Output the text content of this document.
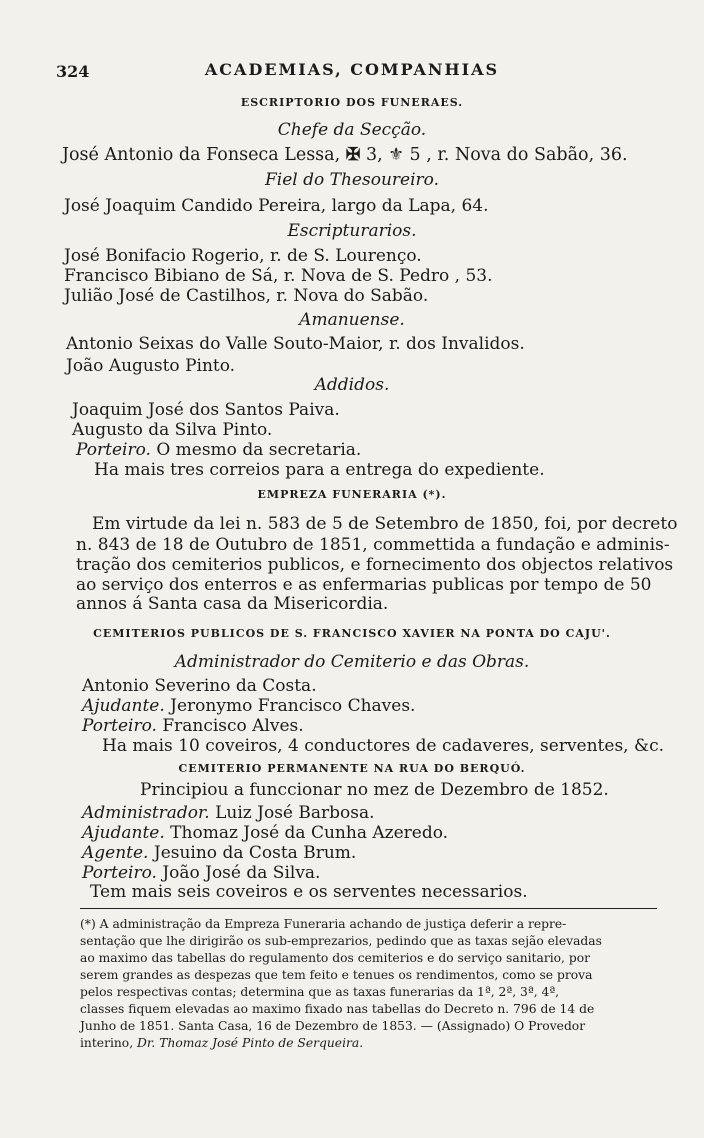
324	ACADEMIAS, COMPANHIAS
ESCRIPTORIO DOS FUNERAES.
Chefe da Secção.
José Antonio da Fonseca Lessa, ✠ 3, ⚜ 5 , r. Nova do Sabão, 36.
Fiel do Thesoureiro.
José Joaquim Candido Pereira, largo da Lapa, 64.
Escripturarios.
José Bonifacio Rogerio, r. de S. Lourenço.
Francisco Bibiano de Sá, r. Nova de S. Pedro , 53.
Julião José de Castilhos, r. Nova do Sabão.
Amanuense.
Antonio Seixas do Valle Souto-Maior, r. dos Invalidos.
João Augusto Pinto.
Addidos.
Joaquim José dos Santos Paiva.
Augusto da Silva Pinto.
Porteiro. O mesmo da secretaria.
Ha mais tres correios para a entrega do expediente.
EMPREZA FUNERARIA (*).
Em virtude da lei n. 583 de 5 de Setembro de 1850, foi, por decreto
n. 843 de 18 de Outubro de 1851, commettida a fundação e adminis-
tração dos cemiterios publicos, e fornecimento dos objectos relativos
ao serviço dos enterros e as enfermarias publicas por tempo de 50
annos á Santa casa da Misericordia.
CEMITERIOS PUBLICOS DE S. FRANCISCO XAVIER NA PONTA DO CAJU'.
Administrador do Cemiterio e das Obras.
Antonio Severino da Costa.
Ajudante. Jeronymo Francisco Chaves.
Porteiro. Francisco Alves.
Ha mais 10 coveiros, 4 conductores de cadaveres, serventes, &c.
CEMITERIO PERMANENTE NA RUA DO BERQUÓ.
Principiou a funccionar no mez de Dezembro de 1852.
Administrador. Luiz José Barbosa.
Ajudante. Thomaz José da Cunha Azeredo.
Agente. Jesuino da Costa Brum.
Porteiro. João José da Silva.
Tem mais seis coveiros e os serventes necessarios.
(*) A administração da Empreza Funeraria achando de justiça deferir a repre-
sentação que lhe dirigirão os sub-emprezarios, pedindo que as taxas sejão elevadas
ao maximo das tabellas do regulamento dos cemiterios e do serviço sanitario, por
serem grandes as despezas que tem feito e tenues os rendimentos, como se prova
pelos respectivas contas; determina que as taxas funerarias da 1ª, 2ª, 3ª, 4ª,
classes fiquem elevadas ao maximo fixado nas tabellas do Decreto n. 796 de 14 de
Junho de 1851. Santa Casa, 16 de Dezembro de 1853. — (Assignado) O Provedor
interino, Dr. Thomaz José Pinto de Serqueira.
